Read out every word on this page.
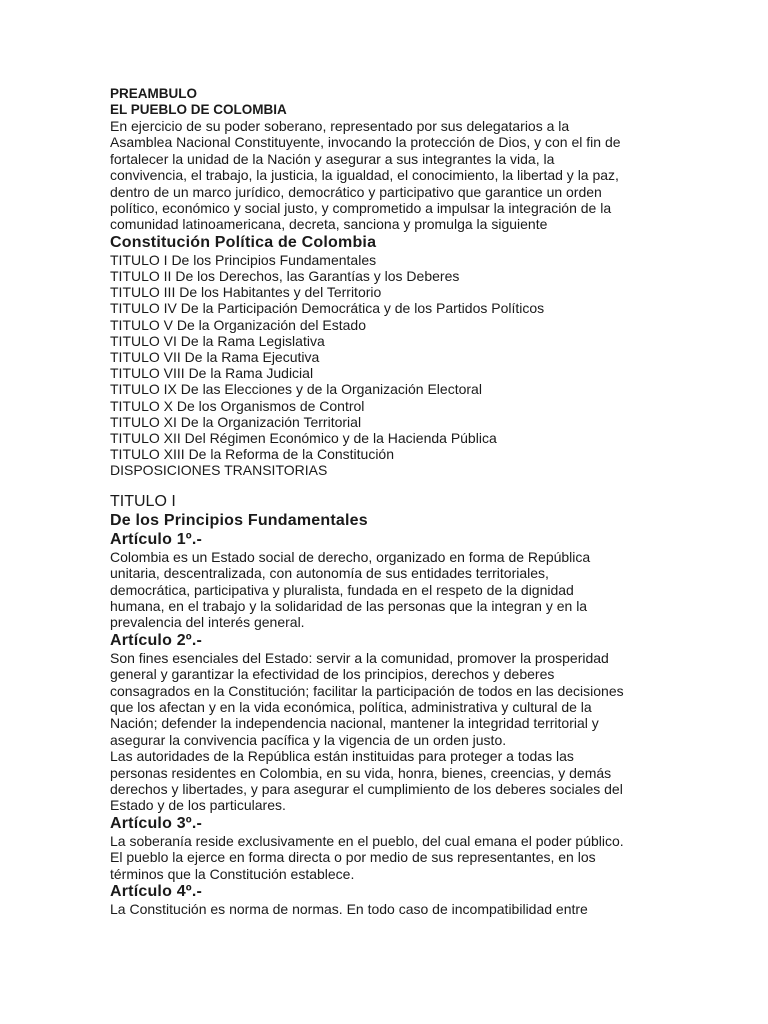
PREAMBULO

EL PUEBLO DE COLOMBIA

En ejercicio de su poder soberano, representado por sus delegatarios a la Asamblea Nacional Constituyente, invocando la protección de Dios, y con el fin de fortalecer la unidad de la Nación y asegurar a sus integrantes la vida, la convivencia, el trabajo, la justicia, la igualdad, el conocimiento, la libertad y la paz, dentro de un marco jurídico, democrático y participativo que garantice un orden político, económico y social justo, y comprometido a impulsar la integración de la comunidad latinoamericana, decreta, sanciona y promulga la siguiente

Constitución Política de Colombia

TITULO I De los Principios Fundamentales
TITULO II De los Derechos, las Garantías y los Deberes
TITULO III De los Habitantes y del Territorio
TITULO IV De la Participación Democrática y de los Partidos Políticos
TITULO V De la Organización del Estado
TITULO VI De la Rama Legislativa
TITULO VII De la Rama Ejecutiva
TITULO VIII De la Rama Judicial
TITULO IX De las Elecciones y de la Organización Electoral
TITULO X De los Organismos de Control
TITULO XI De la Organización Territorial
TITULO XII Del Régimen Económico y de la Hacienda Pública
TITULO XIII De la Reforma de la Constitución
DISPOSICIONES TRANSITORIAS

TITULO I

De los Principios Fundamentales

Artículo 1º.-

Colombia es un Estado social de derecho, organizado en forma de República unitaria, descentralizada, con autonomía de sus entidades territoriales, democrática, participativa y pluralista, fundada en el respeto de la dignidad humana, en el trabajo y la solidaridad de las personas que la integran y en la prevalencia del interés general.

Artículo 2º.-

Son fines esenciales del Estado: servir a la comunidad, promover la prosperidad general y garantizar la efectividad de los principios, derechos y deberes consagrados en la Constitución; facilitar la participación de todos en las decisiones que los afectan y en la vida económica, política, administrativa y cultural de la Nación; defender la independencia nacional, mantener la integridad territorial y asegurar la convivencia pacífica y la vigencia de un orden justo.

Las autoridades de la República están instituidas para proteger a todas las personas residentes en Colombia, en su vida, honra, bienes, creencias, y demás derechos y libertades, y para asegurar el cumplimiento de los deberes sociales del Estado y de los particulares.

Artículo 3º.-

La soberanía reside exclusivamente en el pueblo, del cual emana el poder público. El pueblo la ejerce en forma directa o por medio de sus representantes, en los términos que la Constitución establece.

Artículo 4º.-

La Constitución es norma de normas. En todo caso de incompatibilidad entre
